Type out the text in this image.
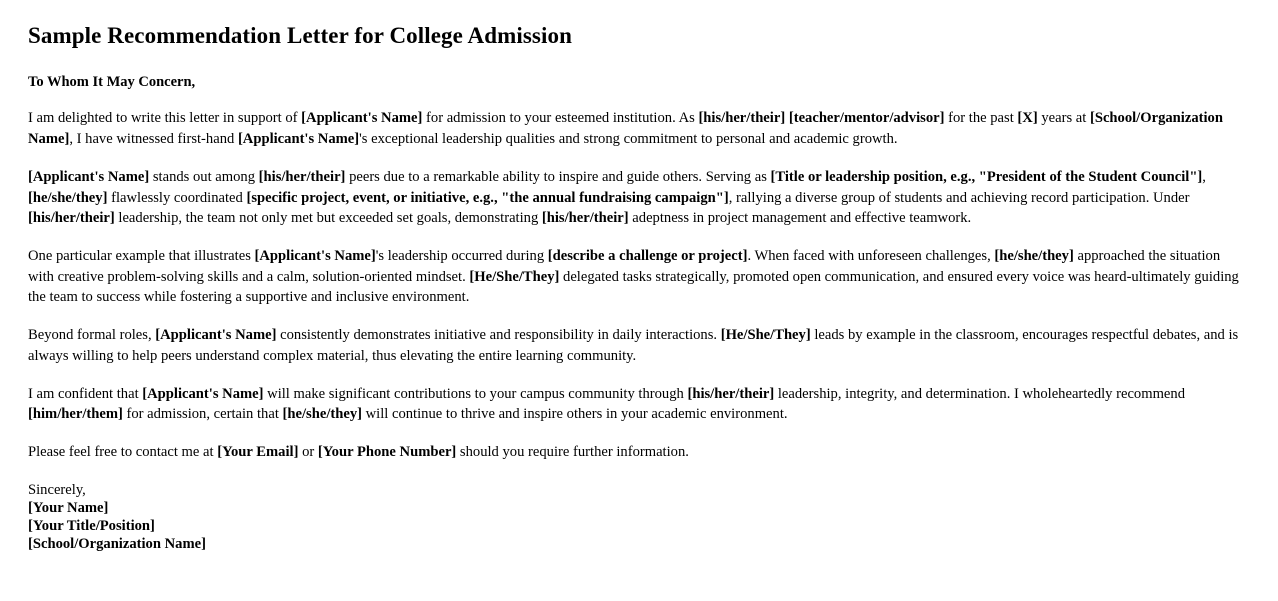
Sample Recommendation Letter for College Admission

To Whom It May Concern,

I am delighted to write this letter in support of [Applicant's Name] for admission to your esteemed institution. As [his/her/their] [teacher/mentor/advisor] for the past [X] years at [School/Organization Name], I have witnessed first-hand [Applicant's Name]'s exceptional leadership qualities and strong commitment to personal and academic growth.

[Applicant's Name] stands out among [his/her/their] peers due to a remarkable ability to inspire and guide others. Serving as [Title or leadership position, e.g., "President of the Student Council"], [he/she/they] flawlessly coordinated [specific project, event, or initiative, e.g., "the annual fundraising campaign"], rallying a diverse group of students and achieving record participation. Under [his/her/their] leadership, the team not only met but exceeded set goals, demonstrating [his/her/their] adeptness in project management and effective teamwork.

One particular example that illustrates [Applicant's Name]'s leadership occurred during [describe a challenge or project]. When faced with unforeseen challenges, [he/she/they] approached the situation with creative problem-solving skills and a calm, solution-oriented mindset. [He/She/They] delegated tasks strategically, promoted open communication, and ensured every voice was heard-ultimately guiding the team to success while fostering a supportive and inclusive environment.

Beyond formal roles, [Applicant's Name] consistently demonstrates initiative and responsibility in daily interactions. [He/She/They] leads by example in the classroom, encourages respectful debates, and is always willing to help peers understand complex material, thus elevating the entire learning community.

I am confident that [Applicant's Name] will make significant contributions to your campus community through [his/her/their] leadership, integrity, and determination. I wholeheartedly recommend [him/her/them] for admission, certain that [he/she/they] will continue to thrive and inspire others in your academic environment.

Please feel free to contact me at [Your Email] or [Your Phone Number] should you require further information.

Sincerely,
[Your Name]
[Your Title/Position]
[School/Organization Name]
